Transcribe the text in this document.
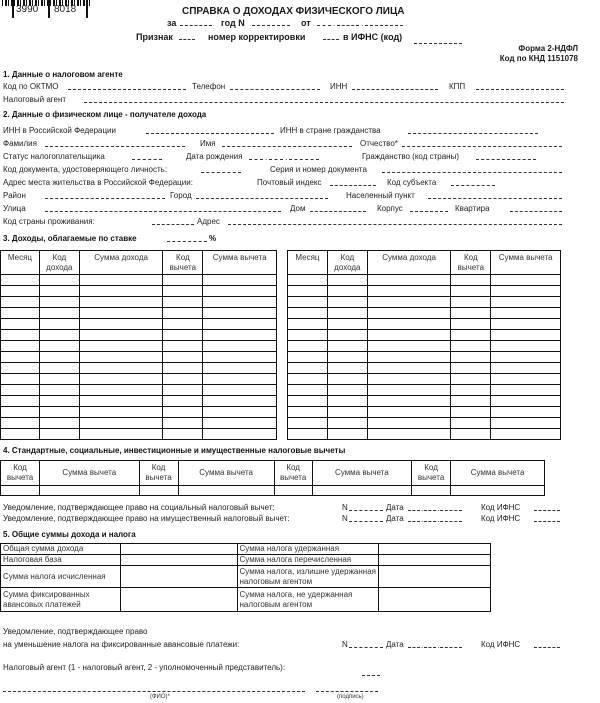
3990 8018	СПРАВКА О ДОХОДАХ ФИЗИЧЕСКОГО ЛИЦА
за	год N	от	.	.
Признак	номер корректировки	в ИФНС (код)
Форма 2-НДФЛ
Код по КНД 1151078
1. Данные о налоговом агенте
Код по ОКТМО	Телефон	ИНН	КПП
Налоговый агент
2. Данные о физическом лице - получателе дохода
ИНН в Российской Федерации	ИНН в стране гражданства
Фамилия	Имя	Отчество*
Статус налогоплательщика	Дата рождения	. .	Гражданство (код страны)
Код документа, удостоверяющего личность:	Серия и номер документа
Адрес места жительства в Российской Федерации:	Почтовый индекс	Код субъекта
Район	Город	Населенный пункт
Улица	Дом	Корпус	Квартира
Код страны проживания:	Адрес
3. Доходы, облагаемые по ставке	%
Месяц	Код дохода	Сумма дохода	Код вычета	Сумма вычета

					Месяц	Код дохода	Сумма дохода	Код вычета	Сумма вычета

4. Стандартные, социальные, инвестиционные и имущественные налоговые вычеты
Код вычета	Сумма вычета	Код вычета	Сумма вычета	Код вычета	Сумма вычета	Код вычета	Сумма вычета

Уведомление, подтверждающее право на социальный налоговый вычет:	N	Дата	. .	Код ИФНС
Уведомление, подтверждающее право на имущественный налоговый вычет:	N	Дата	. .	Код ИФНС
5. Общие суммы дохода и налога
Общая сумма дохода		Сумма налога удержанная	
Налоговая база		Сумма налога перечисленная	
Сумма налога исчисленная		Сумма налога, излишне удержанная налоговым агентом	
Сумма фиксированных авансовых платежей		Сумма налога, не удержанная налоговым агентом	
Уведомление, подтверждающее право
на уменьшение налога на фиксированные авансовые платежи:	N	Дата	. .	Код ИФНС
Налоговый агент (1 - налоговый агент, 2 - уполномоченный представитель):
(ФИО)*	(подпись)
